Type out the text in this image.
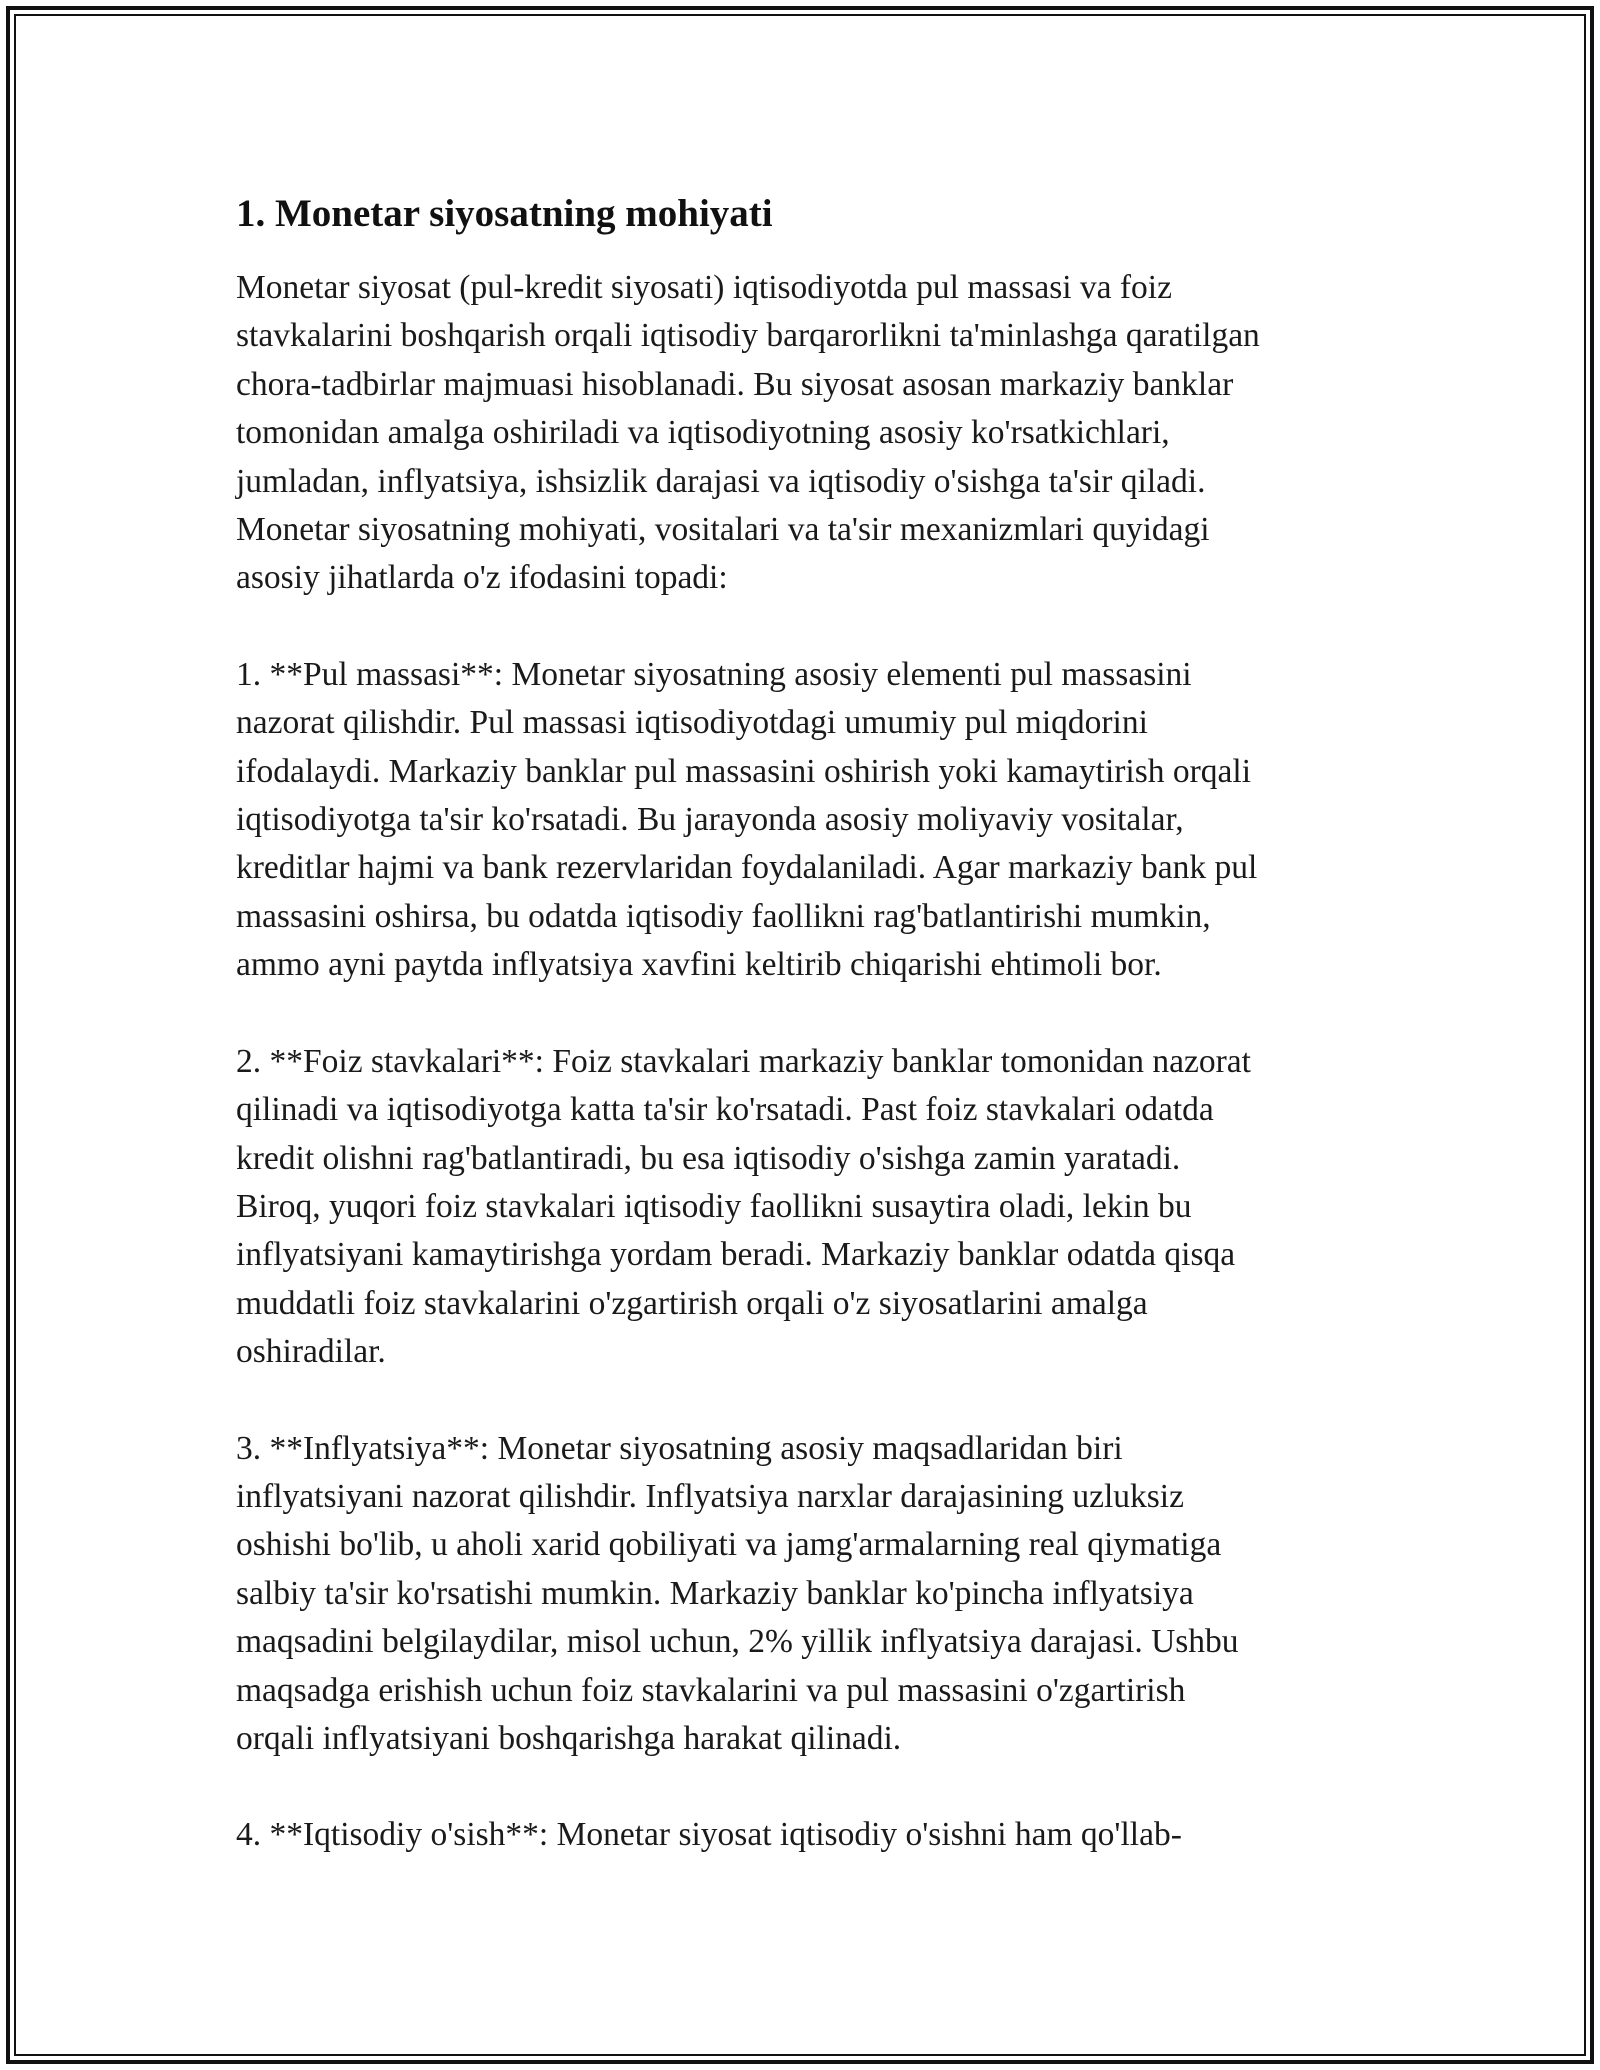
1. Monetar siyosatning mohiyati

Monetar siyosat (pul-kredit siyosati) iqtisodiyotda pul massasi va foiz
stavkalarini boshqarish orqali iqtisodiy barqarorlikni ta'minlashga qaratilgan
chora-tadbirlar majmuasi hisoblanadi. Bu siyosat asosan markaziy banklar
tomonidan amalga oshiriladi va iqtisodiyotning asosiy ko'rsatkichlari,
jumladan, inflyatsiya, ishsizlik darajasi va iqtisodiy o'sishga ta'sir qiladi.
Monetar siyosatning mohiyati, vositalari va ta'sir mexanizmlari quyidagi
asosiy jihatlarda o'z ifodasini topadi:

1. **Pul massasi**: Monetar siyosatning asosiy elementi pul massasini
nazorat qilishdir. Pul massasi iqtisodiyotdagi umumiy pul miqdorini
ifodalaydi. Markaziy banklar pul massasini oshirish yoki kamaytirish orqali
iqtisodiyotga ta'sir ko'rsatadi. Bu jarayonda asosiy moliyaviy vositalar,
kreditlar hajmi va bank rezervlaridan foydalaniladi. Agar markaziy bank pul
massasini oshirsa, bu odatda iqtisodiy faollikni rag'batlantirishi mumkin,
ammo ayni paytda inflyatsiya xavfini keltirib chiqarishi ehtimoli bor.

2. **Foiz stavkalari**: Foiz stavkalari markaziy banklar tomonidan nazorat
qilinadi va iqtisodiyotga katta ta'sir ko'rsatadi. Past foiz stavkalari odatda
kredit olishni rag'batlantiradi, bu esa iqtisodiy o'sishga zamin yaratadi.
Biroq, yuqori foiz stavkalari iqtisodiy faollikni susaytira oladi, lekin bu
inflyatsiyani kamaytirishga yordam beradi. Markaziy banklar odatda qisqa
muddatli foiz stavkalarini o'zgartirish orqali o'z siyosatlarini amalga
oshiradilar.

3. **Inflyatsiya**: Monetar siyosatning asosiy maqsadlaridan biri
inflyatsiyani nazorat qilishdir. Inflyatsiya narxlar darajasining uzluksiz
oshishi bo'lib, u aholi xarid qobiliyati va jamg'armalarning real qiymatiga
salbiy ta'sir ko'rsatishi mumkin. Markaziy banklar ko'pincha inflyatsiya
maqsadini belgilaydilar, misol uchun, 2% yillik inflyatsiya darajasi. Ushbu
maqsadga erishish uchun foiz stavkalarini va pul massasini o'zgartirish
orqali inflyatsiyani boshqarishga harakat qilinadi.

4. **Iqtisodiy o'sish**: Monetar siyosat iqtisodiy o'sishni ham qo'llab-
